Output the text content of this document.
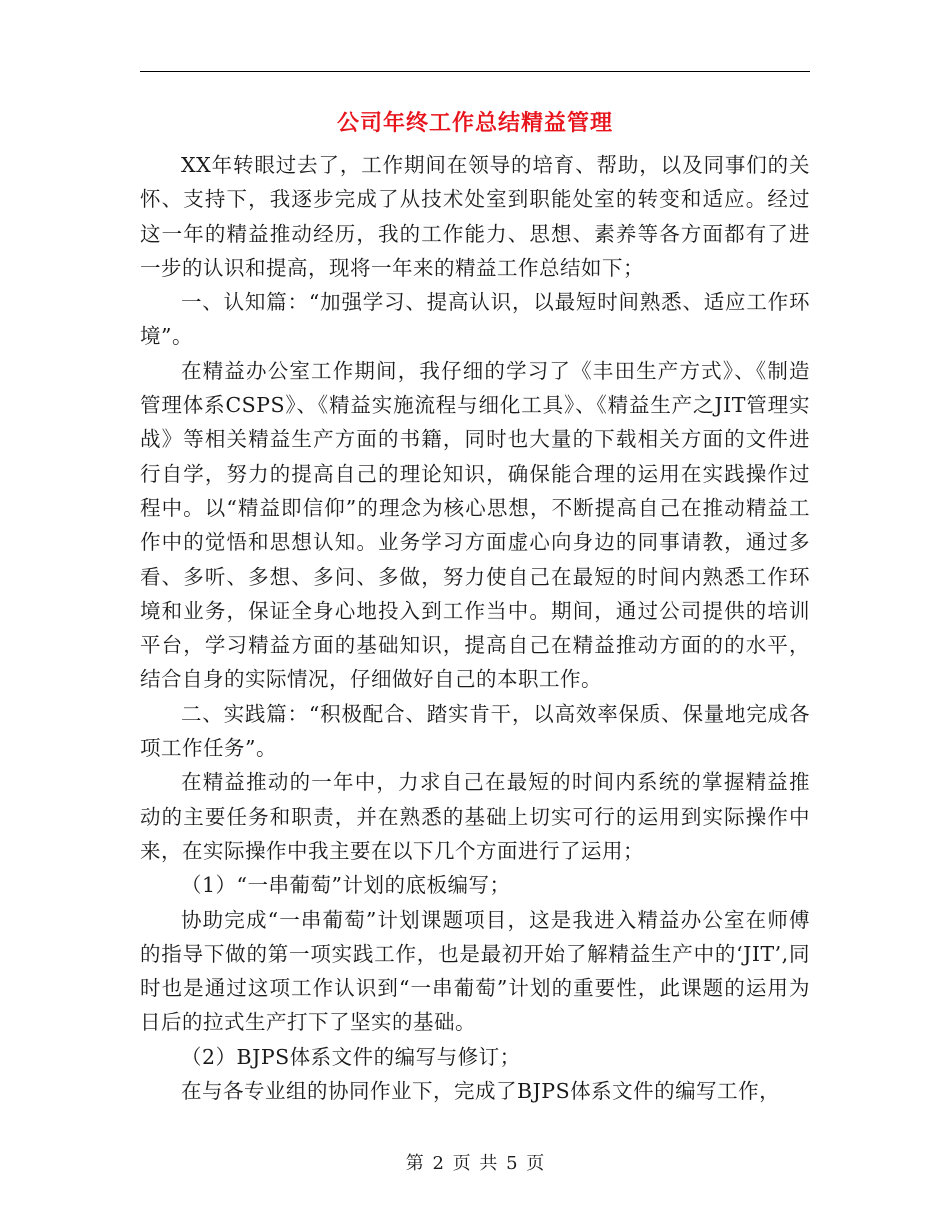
公司年终工作总结精益管理

XX年转眼过去了，工作期间在领导的培育、帮助，以及同事们的关怀、支持下，我逐步完成了从技术处室到职能处室的转变和适应。经过这一年的精益推动经历，我的工作能力、思想、素养等各方面都有了进一步的认识和提高，现将一年来的精益工作总结如下；

一、认知篇：“加强学习、提高认识，以最短时间熟悉、适应工作环境”。

在精益办公室工作期间，我仔细的学习了《丰田生产方式》、《制造管理体系CSPS》、《精益实施流程与细化工具》、《精益生产之JIT管理实战》等相关精益生产方面的书籍，同时也大量的下载相关方面的文件进行自学，努力的提高自己的理论知识，确保能合理的运用在实践操作过程中。以“精益即信仰”的理念为核心思想，不断提高自己在推动精益工作中的觉悟和思想认知。业务学习方面虚心向身边的同事请教，通过多看、多听、多想、多问、多做，努力使自己在最短的时间内熟悉工作环境和业务，保证全身心地投入到工作当中。期间，通过公司提供的培训平台，学习精益方面的基础知识，提高自己在精益推动方面的的水平，结合自身的实际情况，仔细做好自己的本职工作。

二、实践篇：“积极配合、踏实肯干，以高效率保质、保量地完成各项工作任务”。

在精益推动的一年中，力求自己在最短的时间内系统的掌握精益推动的主要任务和职责，并在熟悉的基础上切实可行的运用到实际操作中来，在实际操作中我主要在以下几个方面进行了运用；

（1）“一串葡萄”计划的底板编写；

协助完成“一串葡萄”计划课题项目，这是我进入精益办公室在师傅的指导下做的第一项实践工作，也是最初开始了解精益生产中的‘JIT’,同时也是通过这项工作认识到“一串葡萄”计划的重要性，此课题的运用为日后的拉式生产打下了坚实的基础。

（2）BJPS体系文件的编写与修订；

在与各专业组的协同作业下，完成了BJPS体系文件的编写工作，

第 2 页 共 5 页
